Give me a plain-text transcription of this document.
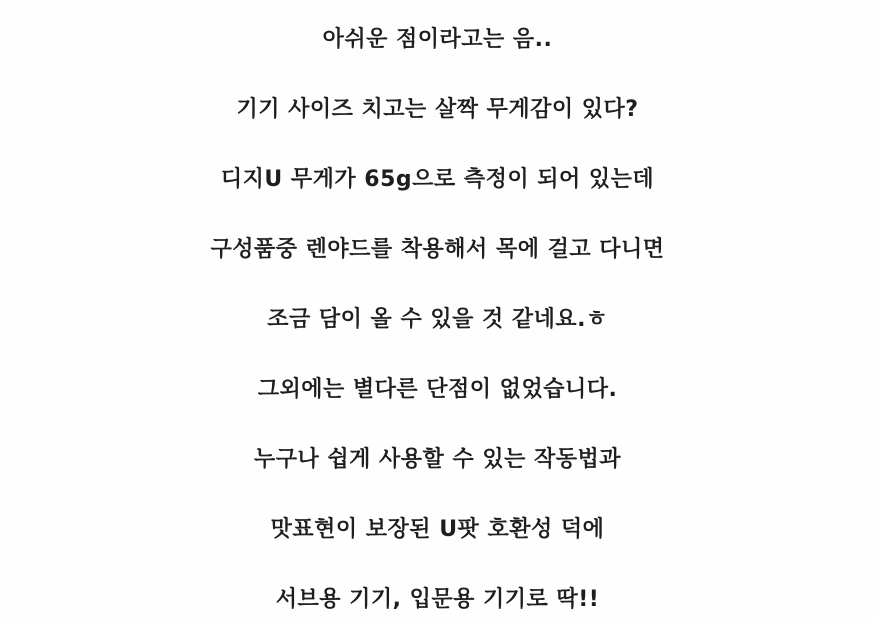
아쉬운 점이라고는 음..

기기 사이즈 치고는 살짝 무게감이 있다?

디지U 무게가 65g으로 측정이 되어 있는데

구성품중 렌야드를 착용해서 목에 걸고 다니면

조금 담이 올 수 있을 것 같네요.ㅎ

그외에는 별다른 단점이 없었습니다.

누구나 쉽게 사용할 수 있는 작동법과

맛표현이 보장된 U팟 호환성 덕에

서브용 기기, 입문용 기기로 딱!!
